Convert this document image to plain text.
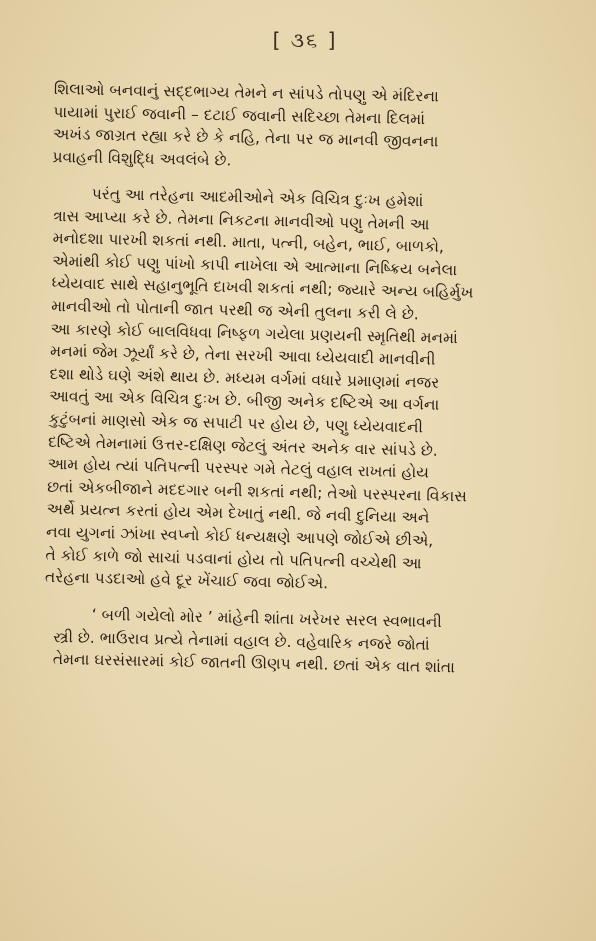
[ ૩૬ ]

શિલાઓ બનવાનું સદ્દભાગ્ય તેમને ન સાંપડે તોપણુ એ મંદિરના
પાયામાં પુરાઈ જવાની – દટાઈ જવાની સદિચ્છા તેમના દિલમાં
અખંડ જાગ્રત રહ્યા કરે છે કે નહિ, તેના પર જ માનવી જીવનના
પ્રવાહની વિશુદ્ધિ અવલંબે છે.

પરંતુ આ તરેહના આદમીઓને એક વિચિત્ર દુઃખ હમેશાં
ત્રાસ આપ્યા કરે છે. તેમના નિકટના માનવીઓ પણુ તેમની આ
મનોદશા પારખી શકતાં નથી. માતા, પત્ની, બહેન, ભાઈ, બાળકો,
એમાંથી કોઈ પણુ પાંખો કાપી નાખેલા એ આત્માના નિષ્ક્રિય બનેલા
ધ્યેયવાદ સાથે સહાનુભૂતિ દાખવી શકતાં નથી; જ્યારે અન્ય બહિર્મુખ
માનવીઓ તો પોતાની જાત પરથી જ એની તુલના કરી લે છે.
આ કારણે કોઈ બાલવિધવા નિષ્ફળ ગયેલા પ્રણયની સ્મૃતિથી મનમાં
મનમાં જેમ ઝૂર્યાં કરે છે, તેના સરખી આવા ધ્યેયવાદી માનવીની
દશા થોડે ઘણે અંશે થાય છે. મધ્યમ વર્ગમાં વધારે પ્રમાણમાં નજર
આવતું આ એક વિચિત્ર દુઃખ છે. બીજી અનેક દષ્ટિએ આ વર્ગના
કુટુંબનાં માણસો એક જ સપાટી પર હોય છે, પણુ ધ્યેયવાદની
દષ્ટિએ તેમનામાં ઉત્તર-દક્ષિણ જેટલું અંતર અનેક વાર સાંપડે છે.
આમ હોય ત્યાં પતિપત્ની પરસ્પર ગમે તેટલું વહાલ રાખતાં હોય
છતાં એકબીજાને મદદગાર બની શકતાં નથી; તેઓ પરસ્પરના વિકાસ
અર્થે પ્રયત્ન કરતાં હોય એમ દેખાતું નથી. જે નવી દુનિયા અને
નવા યુગનાં ઝાંખા સ્વપ્નો કોઈ ધન્યક્ષણે આપણે જોઈએ છીએ,
તે કોઈ કાળે જો સાચાં પડવાનાં હોય તો પતિપત્ની વચ્ચેથી આ
તરેહના પડદાઓ હવે દૂર ખેંચાઈ જવા જોઈએ.

‘ બળી ગયેલો મોર ’ માંહેની શાંતા ખરેખર સરલ સ્વભાવની
સ્ત્રી છે. ભાઉરાવ પ્રત્યે તેનામાં વહાલ છે. વહેવારિક નજરે જોતાં
તેમના ઘરસંસારમાં કોઈ જાતની ઊણપ નથી. છતાં એક વાત શાંતા
